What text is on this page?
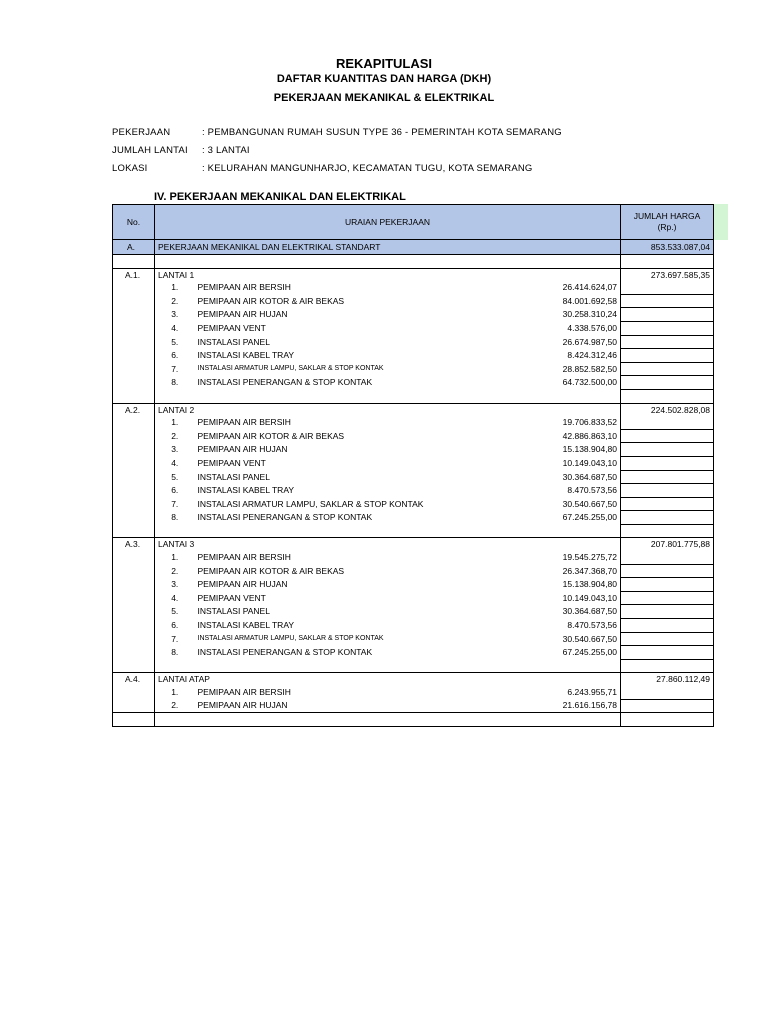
REKAPITULASI
DAFTAR KUANTITAS DAN HARGA (DKH)
PEKERJAAN MEKANIKAL & ELEKTRIKAL
PEKERJAAN	: PEMBANGUNAN RUMAH SUSUN TYPE 36 - PEMERINTAH KOTA SEMARANG
JUMLAH LANTAI : 3 LANTAI
LOKASI	: KELURAHAN MANGUNHARJO, KECAMATAN TUGU, KOTA SEMARANG
IV. PEKERJAAN MEKANIKAL DAN ELEKTRIKAL
No.	URAIAN PEKERJAAN			JUMLAH HARGA
(Rp.)
A.	PEKERJAAN MEKANIKAL DAN ELEKTRIKAL STANDART			853.533.087,04

A.1.	LANTAI 1			273.697.585,35
	1.	PEMIPAAN AIR BERSIH	26.414.624,07	
	2.	PEMIPAAN AIR KOTOR & AIR BEKAS	84.001.692,58	
	3.	PEMIPAAN AIR HUJAN	30.258.310,24	
	4.	PEMIPAAN VENT	4.338.576,00	
	5.	INSTALASI PANEL	26.674.987,50	
	6.	INSTALASI KABEL TRAY	8.424.312,46	
	7.	INSTALASI ARMATUR LAMPU, SAKLAR & STOP KONTAK	28.852.582,50	
	8.	INSTALASI PENERANGAN & STOP KONTAK	64.732.500,00	

A.2.	LANTAI 2			224.502.828,08
	1.	PEMIPAAN AIR BERSIH	19.706.833,52	
	2.	PEMIPAAN AIR KOTOR & AIR BEKAS	42.886.863,10	
	3.	PEMIPAAN AIR HUJAN	15.138.904,80	
	4.	PEMIPAAN VENT	10.149.043,10	
	5.	INSTALASI PANEL	30.364.687,50	
	6.	INSTALASI KABEL TRAY	8.470.573,56	
	7.	INSTALASI ARMATUR LAMPU, SAKLAR & STOP KONTAK	30.540.667,50	
	8.	INSTALASI PENERANGAN & STOP KONTAK	67.245.255,00	

A.3.	LANTAI 3			207.801.775,88
	1.	PEMIPAAN AIR BERSIH	19.545.275,72	
	2.	PEMIPAAN AIR KOTOR & AIR BEKAS	26.347.368,70	
	3.	PEMIPAAN AIR HUJAN	15.138.904,80	
	4.	PEMIPAAN VENT	10.149.043,10	
	5.	INSTALASI PANEL	30.364.687,50	
	6.	INSTALASI KABEL TRAY	8.470.573,56	
	7.	INSTALASI ARMATUR LAMPU, SAKLAR & STOP KONTAK	30.540.667,50	
	8.	INSTALASI PENERANGAN & STOP KONTAK	67.245.255,00	

A.4.	LANTAI ATAP			27.860.112,49
	1.	PEMIPAAN AIR BERSIH	6.243.955,71	
	2.	PEMIPAAN AIR HUJAN	21.616.156,78	
